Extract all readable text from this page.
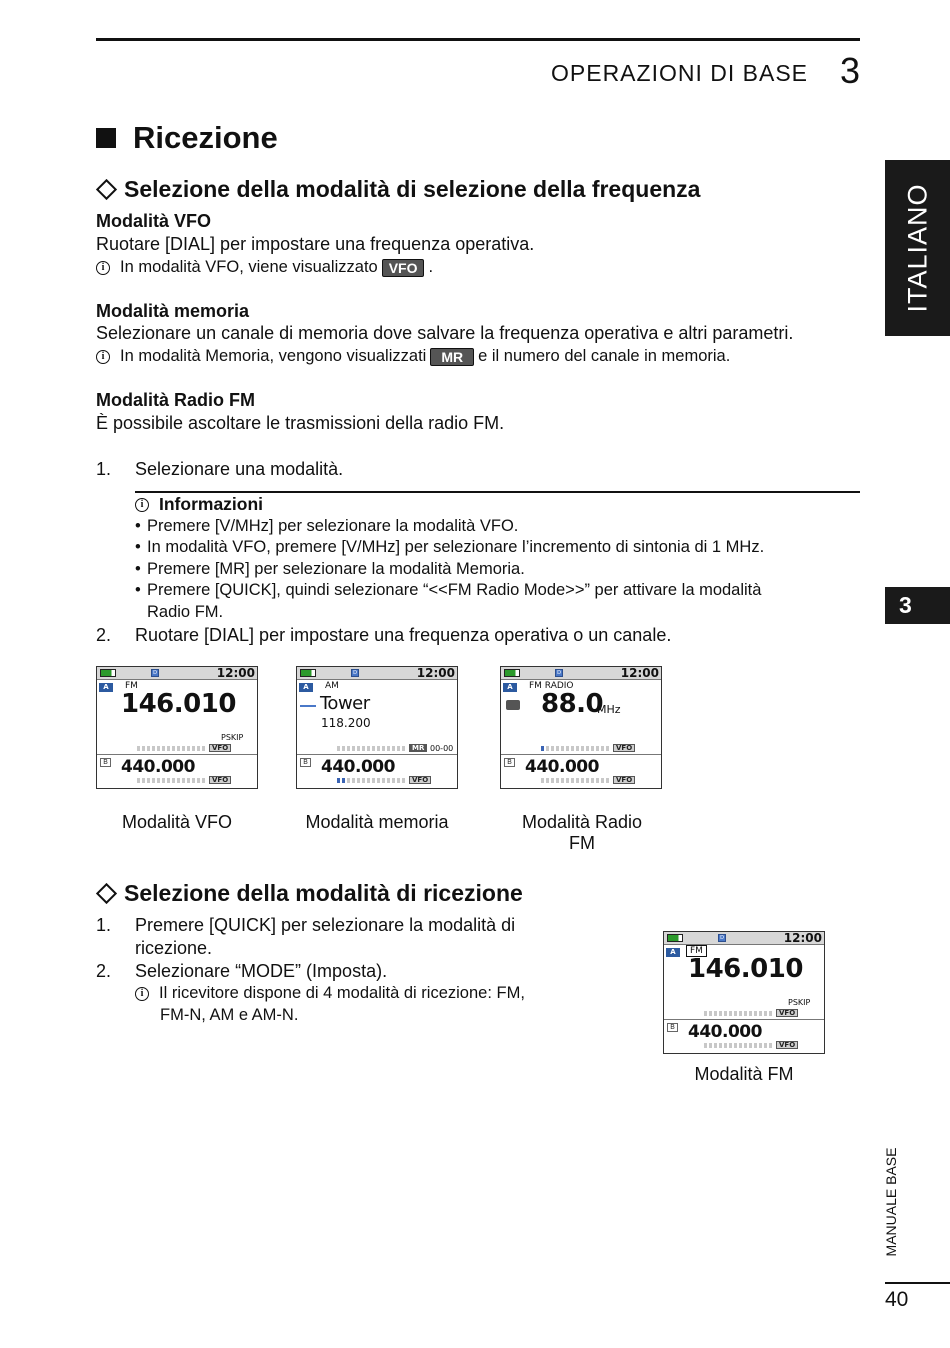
OPERAZIONI DI BASE 3
ITALIANO
3
MANUALE BASE
40
Ricezione
Selezione della modalità di selezione della frequenza
Modalità VFO
Ruotare [DIAL] per impostare una frequenza operativa.
i In modalità VFO, viene visualizzato VFO .
Modalità memoria
Selezionare un canale di memoria dove salvare la frequenza operativa e altri parametri.
i In modalità Memoria, vengono visualizzati	MR e il numero del canale in memoria.
Modalità Radio FM
È possibile ascoltare le trasmissioni della radio FM.
1. Selezionare una modalità.
i Informazioni
• Premere [V/MHz] per selezionare la modalità VFO.
• In modalità VFO, premere [V/MHz] per selezionare l’incremento di sintonia di 1 MHz.
• Premere [MR] per selezionare la modalità Memoria.
• Premere [QUICK], quindi selezionare “<<FM Radio Mode>>” per attivare la modalità
Radio FM.
2. Ruotare [DIAL] per impostare una frequenza operativa o un canale.
D	12:00
A	FM
146.010
PSKIP
VFO
B 440.000
VFO
Modalità VFO
D	12:00
A	AM
Tower
118.200
MR 00-00
B 440.000
VFO
Modalità memoria
D	12:00
A	FM RADIO
88.0
MHz
VFO
B 440.000
VFO
Modalità Radio
FM
Selezione della modalità di ricezione
1. Premere [QUICK] per selezionare la modalità di
ricezione.
2. Selezionare “MODE” (Imposta).
i Il ricevitore dispone di 4 modalità di ricezione: FM,
FM-N, AM e AM-N.
D	12:00
A	FM
146.010
PSKIP
VFO
B 440.000
VFO
Modalità FM
